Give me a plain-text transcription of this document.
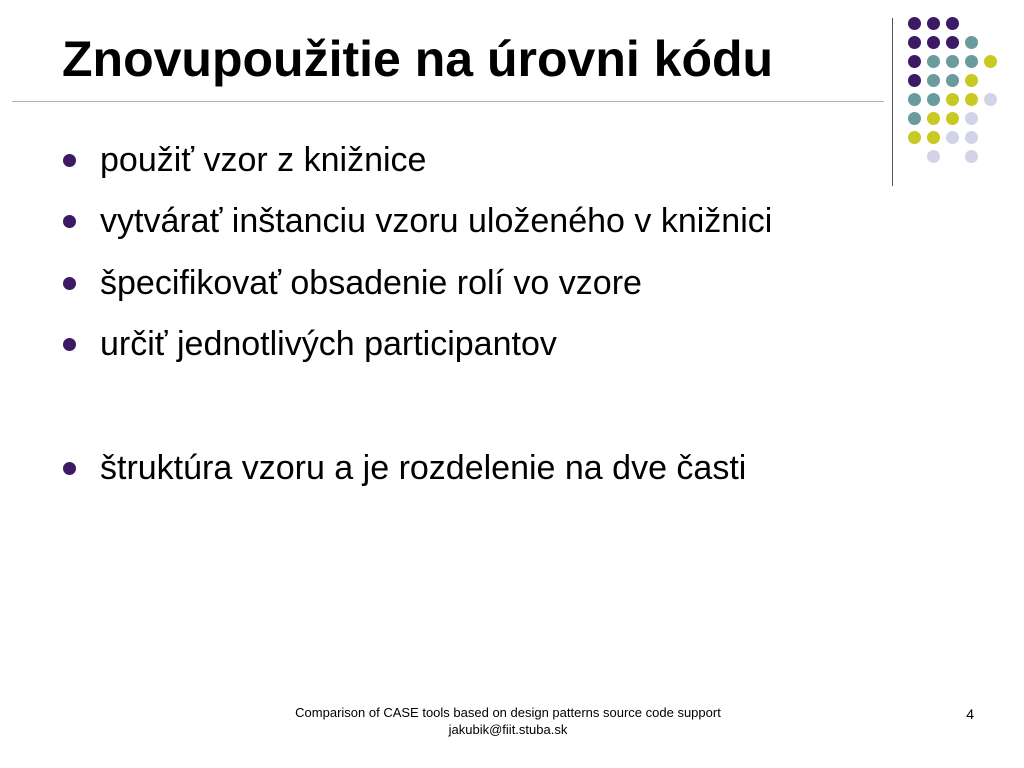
Znovupoužitie na úrovni kódu
použiť vzor z knižnice
vytvárať inštanciu vzoru uloženého v knižnici
špecifikovať obsadenie rolí vo vzore
určiť jednotlivých participantov
štruktúra vzoru a je rozdelenie na dve časti
Comparison of CASE tools based on design patterns source code support
jakubik@fiit.stuba.sk
4
